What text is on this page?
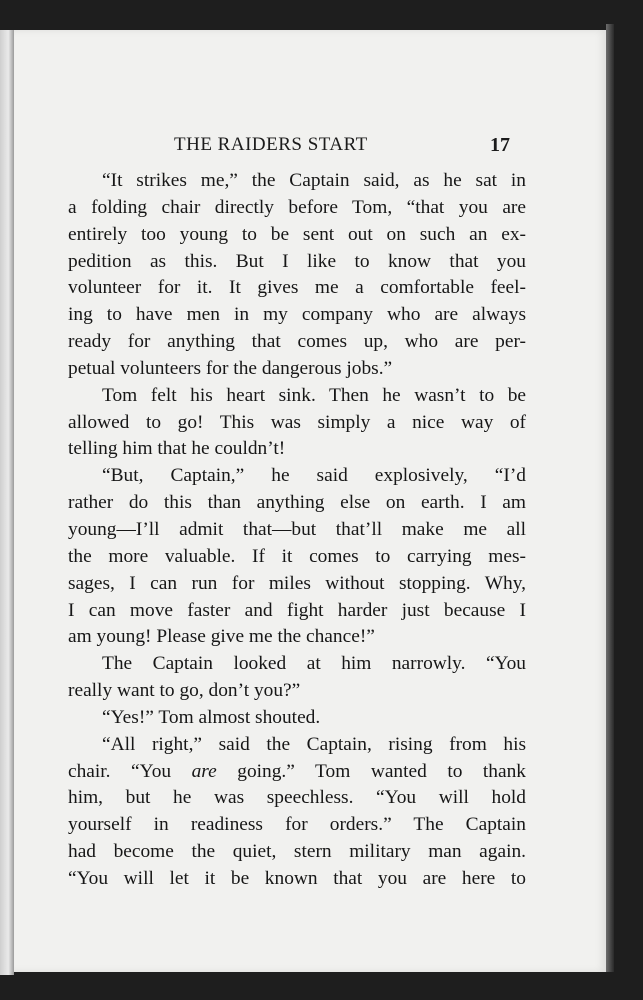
THE RAIDERS START	17
“It strikes me,” the Captain said, as he sat in
a folding chair directly before Tom, “that you are
entirely too young to be sent out on such an ex-
pedition as this. But I like to know that you
volunteer for it. It gives me a comfortable feel-
ing to have men in my company who are always
ready for anything that comes up, who are per-
petual volunteers for the dangerous jobs.”
Tom felt his heart sink. Then he wasn’t to be
allowed to go! This was simply a nice way of
telling him that he couldn’t!
“But, Captain,” he said explosively, “I’d
rather do this than anything else on earth. I am
young—I’ll admit that—but that’ll make me all
the more valuable. If it comes to carrying mes-
sages, I can run for miles without stopping. Why,
I can move faster and fight harder just because I
am young! Please give me the chance!”
The Captain looked at him narrowly. “You
really want to go, don’t you?”
“Yes!” Tom almost shouted.
“All right,” said the Captain, rising from his
chair. “You are going.” Tom wanted to thank
him, but he was speechless. “You will hold
yourself in readiness for orders.” The Captain
had become the quiet, stern military man again.
“You will let it be known that you are here to
